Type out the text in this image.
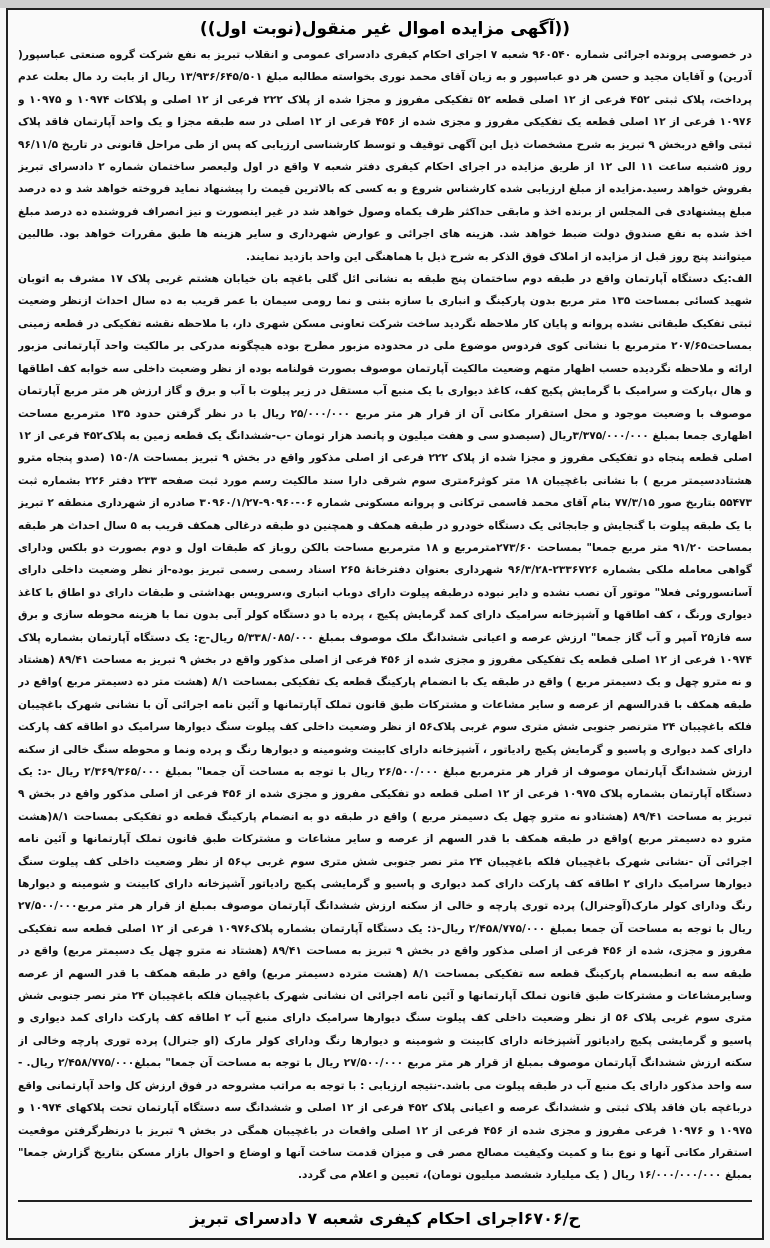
((آگهی مزایده اموال غیر منقول(نوبت اول))

در خصوصی پرونده اجرائی شماره ۹۶۰۵۴۰ شعبه ۷ اجرای احکام کیفری دادسرای عمومی و انقلاب تبریز به نفع شرکت گروه صنعتی عباسپور( آدرین) و آقایان مجید و حسن هر دو عباسپور و به زیان آقای محمد نوری بخواسته مطالبه مبلغ ۱۳/۹۳۶/۶۴۵/۵۰۱ ریال از بابت رد مال بعلت عدم پرداخت، پلاک ثبتی ۴۵۲ فرعی از ۱۲ اصلی قطعه ۵۲ تفکیکی مفروز و مجزا شده از پلاک ۲۲۲ فرعی از ۱۲ اصلی و پلاکات ۱۰۹۷۴ و ۱۰۹۷۵ و ۱۰۹۷۶ فرعی از ۱۲ اصلی قطعه یک تفکیکی مفروز و مجزی شده از ۴۵۶ فرعی از ۱۲ اصلی در سه طبقه مجزا و یک واحد آپارتمان فاقد پلاک ثبتی واقع دربخش ۹ تبریز به شرح مشخصات ذیل این آگهی توقیف و توسط کارشناسی ارزیابی که پس از طی مراحل قانونی در تاریخ ۹۶/۱۱/۵ روز ۵شنبه ساعت ۱۱ الی ۱۲ از طریق مزایده در اجرای احکام کیفری دفتر شعبه ۷ واقع در اول ولیعصر ساختمان شماره ۲ دادسرای تبریز بفروش خواهد رسید.مزایده از مبلغ ارزیابی شده کارشناس شروع و به کسی که بالاترین قیمت را پیشنهاد نماید فروخته خواهد شد و ده درصد مبلغ پیشنهادی فی المجلس از برنده اخذ و مابقی حداکثر ظرف یکماه وصول خواهد شد در غیر اینصورت و نیز انصراف فروشنده ده درصد مبلغ اخذ شده به نفع صندوق دولت ضبط خواهد شد. هزینه های اجرائی و عوارض شهرداری و سایر هزینه ها طبق مقررات خواهد بود. طالبین میتوانند پنج روز قبل از مزایده از املاک فوق الذکر به شرح ذیل با هماهنگی این واحد بازدید نمایند.

الف:یک دستگاه آپارتمان واقع در طبقه دوم ساختمان پنج طبقه به نشانی ائل گلی باغچه بان خیابان هشتم غربی پلاک ۱۷ مشرف به اتوبان شهید کسائی بمساحت ۱۳۵ متر مربع بدون پارکینگ و انباری با سازه بتنی و نما رومی سیمان با عمر قریب به ده سال احداث ازنظر وضعیت ثبتی تفکیک طبقاتی نشده پروانه و پایان کار ملاحظه نگردید ساخت شرکت تعاونی مسکن شهری دار، با ملاحظه نقشه تفکیکی در قطعه زمینی بمساحت۲۰۷/۶۵ مترمربع با نشانی کوی فردوس موضوع ملی در محدوده مزبور مطرح بوده هیچگونه مدرکی بر مالکیت واحد آپارتمانی مزبور ارائه و ملاحظه نگردیده حسب اظهار متهم وضعیت مالکیت آپارتمان موصوف بصورت قولنامه بوده از نظر وضعیت داخلی سه خوابه کف اطاقها و هال ،پارکت و سرامیک با گرمایش پکیج کف، کاغذ دیواری با یک منبع آب مستقل در زیر پیلوت با آب و برق و گاز ارزش هر متر مربع آپارتمان موصوف با وضعیت موجود و محل استقرار مکانی آن از قرار هر متر مربع ۲۵/۰۰۰/۰۰۰ ریال با در نظر گرفتن حدود ۱۳۵ مترمربع مساحت اظهاری جمعا بمبلغ ۳/۳۷۵/۰۰۰/۰۰۰ریال (سیصدو سی و هفت میلیون و پانصد هزار تومان -ب-ششدانگ یک قطعه زمین به پلاک۴۵۲ فرعی از ۱۲ اصلی قطعه پنجاه دو تفکیکی مفروز و مجزا شده از پلاک ۲۲۲ فرعی از اصلی مذکور واقع در بخش ۹ تبریز بمساحت ۱۵۰/۸ (صدو پنجاه مترو هشتاددسیمتر مربع ) با نشانی باغچیبان ۱۸ متر کوثر۶متری سوم شرقی دارا سند مالکیت رسم مورد ثبت صفحه ۲۳۳ دفتر ۲۲۶ بشماره ثبت ۵۵۴۷۳ بتاریخ صور ۷۷/۳/۱۵ بنام آقای محمد قاسمی ترکانی و پروانه مسکونی شماره ۰۶-۹۰۹۶۰-۳۰۹۶۰/۱/۲۷ صادره از شهرداری منطقه ۲ تبریز با یک طبقه پیلوت با گنجایش و جابجائی یک دستگاه خودرو در طبقه همکف و همچنین دو طبقه درغالی همکف قریب به ۵ سال احداث هر طبقه بمساحت ۹۱/۲۰ متر مربع جمعا" بمساحت ۲۷۳/۶۰مترمربع و ۱۸ مترمربع مساحت بالکن روباز که طبقات اول و دوم بصورت دو بلکس ودارای گواهی معامله ملکی بشماره ۲۳۳۶۷۲۶-۹۶/۳/۲۸ شهرداری بعنوان دفترخانهٔ ۲۶۵ اسناد رسمی رسمی تبریز بوده-از نظر وضعیت داخلی دارای آسانسوروئی فعلا" موتور آن نصب نشده و دایر نبوده درطبقه پیلوت دارای دوباب انباری و،سرویس بهداشتی و طبقات دارای دو اطاق با کاغذ دیواری ورنگ ، کف اطاقها و آشپزخانه سرامیک دارای کمد گرمایش پکیج ، پرده با دو دستگاه کولر آبی بدون نما با هزینه محوطه سازی و برق سه فاز۲۵ آمپر و آب گاز جمعا" ارزش عرصه و اعیانی ششدانگ ملک موصوف بمبلغ ۵/۳۳۸/۰۸۵/۰۰۰ ریال-ج: یک دستگاه آپارتمان بشماره پلاک ۱۰۹۷۴ فرعی از ۱۲ اصلی قطعه یک تفکیکی مفروز و مجزی شده از ۴۵۶ فرعی از اصلی مذکور واقع در بخش ۹ تبریز به مساحت ۸۹/۴۱ (هشتاد و نه مترو چهل و یک دسیمتر مربع ) واقع در طبقه یک با انضمام پارکینگ قطعه یک تفکیکی بمساحت ۸/۱ (هشت متر ده دسیمتر مربع )واقع در طبقه همکف با قدرالسهم از عرصه و سایر مشاعات و مشترکات طبق قانون تملک آپارتمانها و آئین نامه اجرائی آن با نشانی شهرک باغچیبان فلکه باغچیبان ۲۴ مترنصر جنوبی شش متری سوم غربی پلاک۵۶ از نظر وضعیت داخلی کف پیلوت سنگ دیوارها سرامیک دو اطاقه کف پارکت دارای کمد دیواری و پاسیو و گرمایش پکیج رادیاتور ، آشپزخانه دارای کابینت وشومینه و دیوارها رنگ و پرده ونما و محوطه سنگ خالی از سکنه ارزش ششدانگ آپارتمان موصوف از قرار هر مترمربع مبلغ ۲۶/۵۰۰/۰۰۰ ریال با توجه به مساحت آن جمعا" بمبلغ ۲/۳۶۹/۳۶۵/۰۰۰ ریال -د: یک دستگاه آپارتمان بشماره پلاک ۱۰۹۷۵ فرعی از ۱۲ اصلی قطعه دو تفکیکی مفروز و مجزی شده از ۴۵۶ فرعی از اصلی مذکور واقع در بخش ۹ تبریز به مساحت ۸۹/۴۱ (هشتادو نه مترو چهل یک دسیمتر مربع ) واقع در طبقه دو به انضمام پارکینگ قطعه دو تفکیکی بمساحت ۸/۱(هشت مترو ده دسیمتر مربع )واقع در طبقه همکف با قدر السهم از عرصه و سایر مشاعات و مشترکات طبق قانون تملک آپارتمانها و آئین نامه اجرائی آن -نشانی شهرک باغچیبان فلکه باغچیبان ۲۴ متر نصر جنوبی شش متری سوم غربی پ۵۶ از نظر وضعیت داخلی کف پیلوت سنگ دیوارها سرامیک دارای ۲ اطاقه کف پارکت دارای کمد دیواری و پاسیو و گرمایشی پکیج رادیاتور آشپزخانه دارای کابینت و شومینه و دیوارها رنگ ودارای کولر مارک(آوجنرال) پرده توری پارچه و خالی از سکنه ارزش ششدانگ آپارتمان موصوف بمبلغ از قرار هر متر مربع۲۷/۵۰۰/۰۰۰ ریال با توجه به مساحت آن جمعا بمبلغ ۲/۴۵۸/۷۷۵/۰۰۰ ریال-ذ: یک دستگاه آپارتمان بشماره پلاک۱۰۹۷۶ فرعی از ۱۲ اصلی قطعه سه تفکیکی مفروز و مجزی، شده از ۴۵۶ فرعی از اصلی مذکور واقع در بخش ۹ تبریز به مساحت ۸۹/۴۱ (هشتاد نه مترو چهل یک دسیمتر مربع) واقع در طبقه سه به انطبسمام پارکینگ قطعه سه تفکیکی بمساحت ۸/۱ (هشت مترده دسیمتر مربع) واقع در طبقه همکف با قدر السهم از عرصه وسایرمشاعات و مشترکات طبق قانون تملک آپارتمانها و آئین نامه اجرائی ان نشانی شهرک باغچیبان فلکه باغچیبان ۲۴ متر نصر جنوبی شش متری سوم غربی پلاک ۵۶ از نظر وضعیت داخلی کف پیلوت سنگ دیوارها سرامیک دارای منبع آب ۲ اطاقه کف پارکت دارای کمد دیواری و پاسیو و گرمایشی پکیج رادیاتور آشپزخانه دارای کابینت و شومینه و دیوارها رنگ ودارای کولر مارک (او جنرال) پرده توری پارچه وخالی از سکنه ارزش ششدانگ آپارتمان موصوف بمبلغ از قرار هر متر مربع ۲۷/۵۰۰/۰۰۰ ریال با توجه به مساحت آن جمعا" بمبلغ۲/۴۵۸/۷۷۵/۰۰۰ ریال. - سه واحد مذکور دارای یک منبع آب در طبقه پیلوت می باشد.-نتیجه ارزیابی : با توجه به مراتب مشروحه در فوق ارزش کل واحد آپارتمانی واقع درباغچه بان فاقد پلاک ثبتی و ششدانگ عرصه و اعیانی پلاک ۴۵۲ فرعی از ۱۲ اصلی و ششدانگ سه دستگاه آپارتمان تحت پلاکهای ۱۰۹۷۴ و ۱۰۹۷۵ و ۱۰۹۷۶ فرعی مفروز و مجزی شده از ۴۵۶ فرعی از ۱۲ اصلی واقعات در باغچیبان همگی در بخش ۹ تبریز با درنظرگرفتن موقعیت استقرار مکانی آنها و نوع بنا و کمیت وکیفیت مصالح مصر فی و میزان قدمت ساخت آنها و اوضاع و احوال بازار مسکن بتاریخ گزارش جمعا" بمبلغ ۱۶/۰۰۰/۰۰۰/۰۰۰ ریال ( یک میلیارد ششصد میلیون تومان)، تعیین و اعلام می گردد.

ح/۶۷۰۶اجرای احکام کیفری شعبه ۷ دادسرای تبریز
